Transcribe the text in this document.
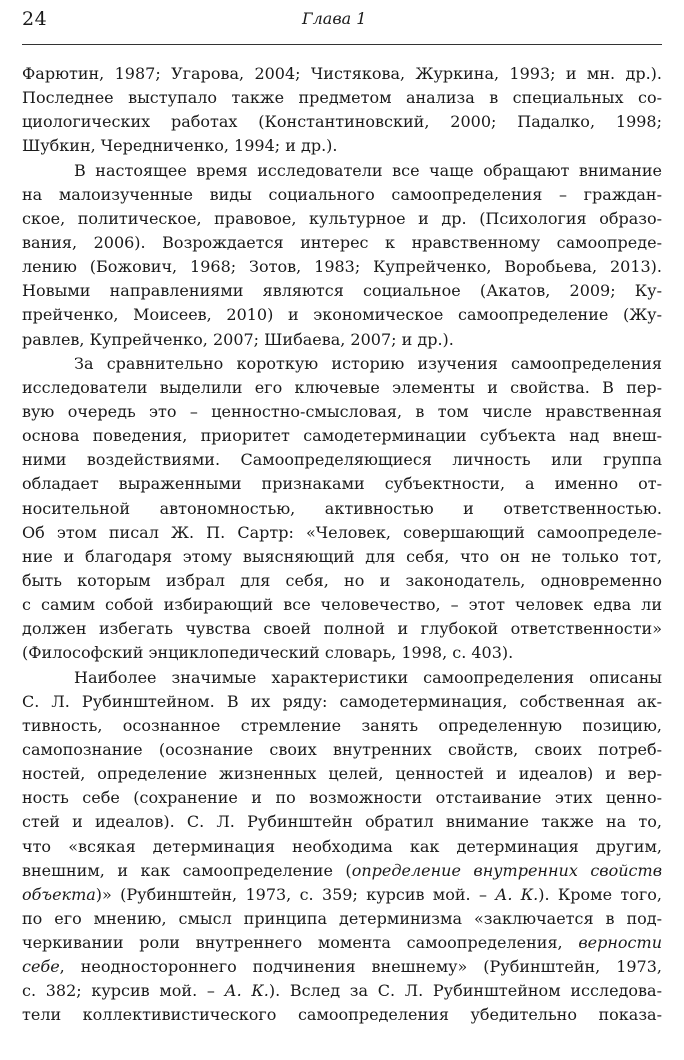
24	Глава 1
Фарютин, 1987; Угарова, 2004; Чистякова, Журкина, 1993; и мн. др.).
Последнее выступало также предметом анализа в специальных со-
циологических работах (Константиновский, 2000; Падалко, 1998;
Шубкин, Чередниченко, 1994; и др.).
В настоящее время исследователи все чаще обращают внимание
на малоизученные виды социального самоопределения – граждан-
ское, политическое, правовое, культурное и др. (Психология образо-
вания, 2006). Возрождается интерес к нравственному самоопреде-
лению (Божович, 1968; Зотов, 1983; Купрейченко, Воробьева, 2013).
Новыми направлениями являются социальное (Акатов, 2009; Ку-
прейченко, Моисеев, 2010) и экономическое самоопределение (Жу-
равлев, Купрейченко, 2007; Шибаева, 2007; и др.).
За сравнительно короткую историю изучения самоопределения
исследователи выделили его ключевые элементы и свойства. В пер-
вую очередь это – ценностно-смысловая, в том числе нравственная
основа поведения, приоритет самодетерминации субъекта над внеш-
ними воздействиями. Самоопределяющиеся личность или группа
обладает выраженными признаками субъектности, а именно от-
носительной автономностью, активностью и ответственностью.
Об этом писал Ж. П. Сартр: «Человек, совершающий самоопределе-
ние и благодаря этому выясняющий для себя, что он не только тот,
быть которым избрал для себя, но и законодатель, одновременно
с самим собой избирающий все человечество, – этот человек едва ли
должен избегать чувства своей полной и глубокой ответственности»
(Философский энциклопедический словарь, 1998, с. 403).
Наиболее значимые характеристики самоопределения описаны
С. Л. Рубинштейном. В их ряду: самодетерминация, собственная ак-
тивность, осознанное стремление занять определенную позицию,
самопознание (осознание своих внутренних свойств, своих потреб-
ностей, определение жизненных целей, ценностей и идеалов) и вер-
ность себе (сохранение и по возможности отстаивание этих ценно-
стей и идеалов). С. Л. Рубинштейн обратил внимание также на то,
что «всякая детерминация необходима как детерминация другим,
внешним, и как самоопределение (определение внутренних свойств
объекта)» (Рубинштейн, 1973, с. 359; курсив мой. – А. К.). Кроме того,
по его мнению, смысл принципа детерминизма «заключается в под-
черкивании роли внутреннего момента самоопределения, верности
себе, неодностороннего подчинения внешнему» (Рубинштейн, 1973,
с. 382; курсив мой. – А. К.). Вслед за С. Л. Рубинштейном исследова-
тели коллективистического самоопределения убедительно показа-
